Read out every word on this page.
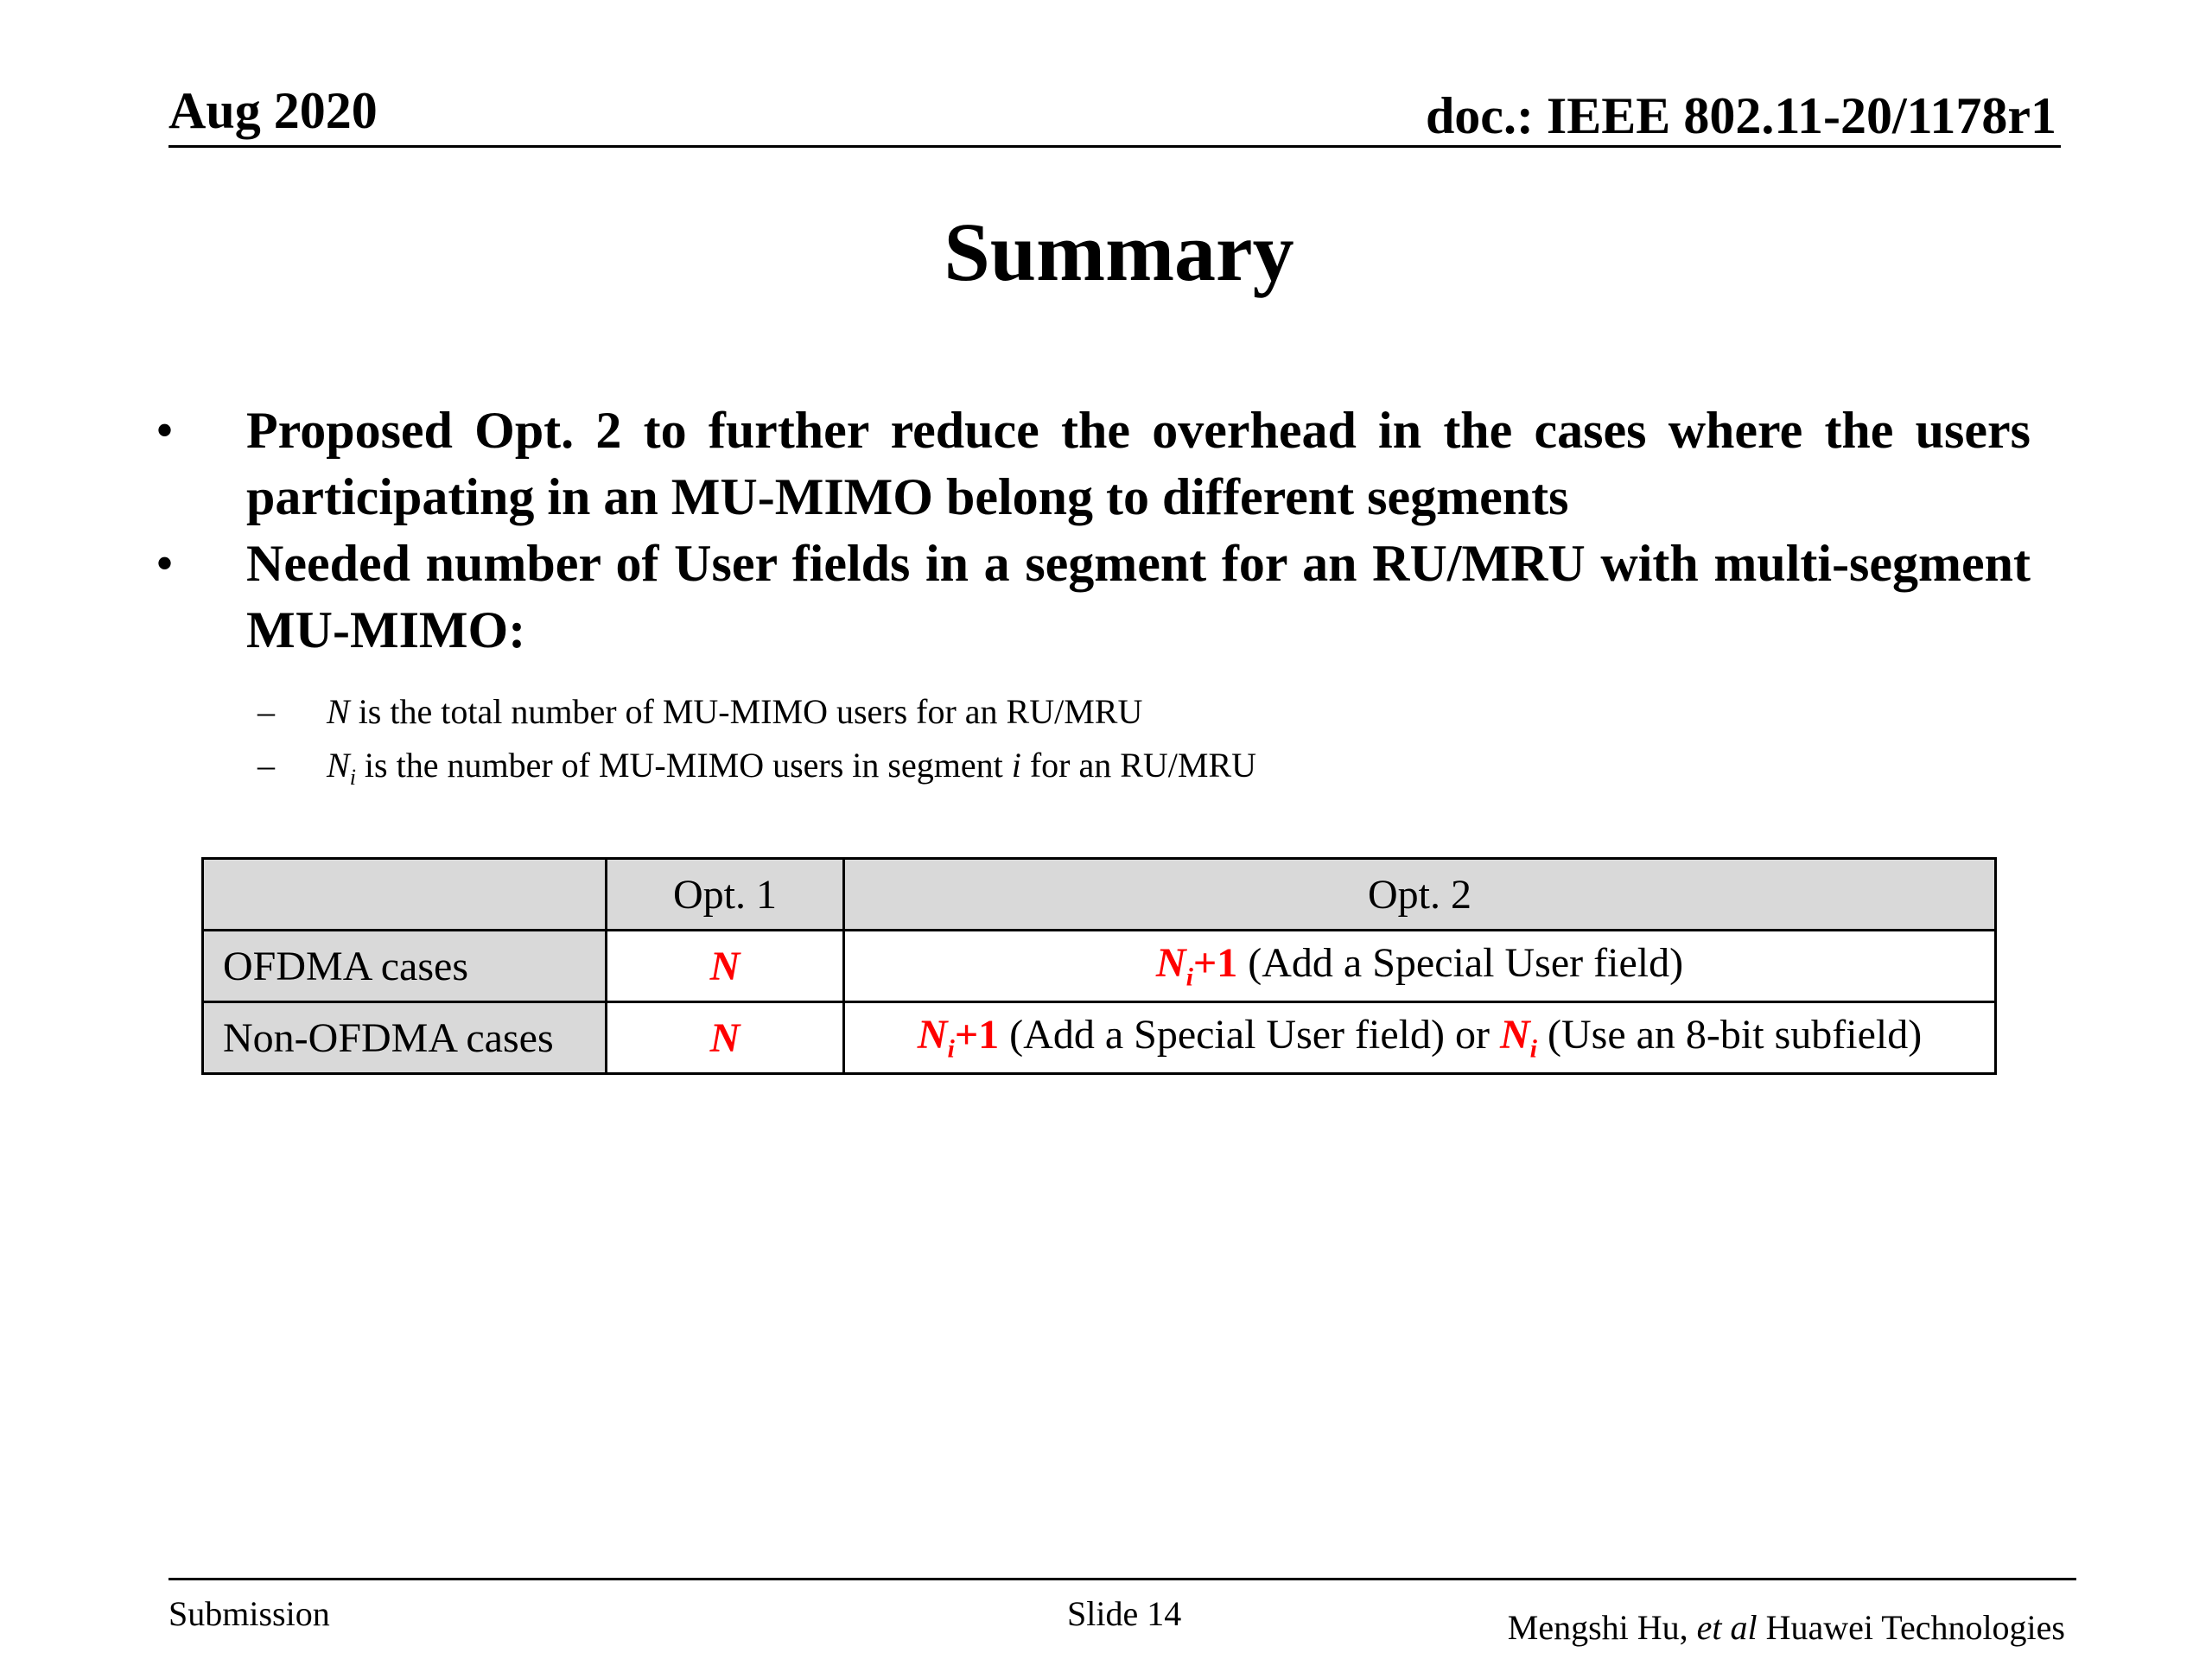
Aug 2020	doc.: IEEE 802.11-20/1178r1
Summary
•	Proposed Opt. 2 to further reduce the overhead in the cases where the users participating in an MU-MIMO belong to different segments
•	Needed number of User fields in a segment for an RU/MRU with multi-segment MU-MIMO:
– N is the total number of MU-MIMO users for an RU/MRU
– $N_i$ is the number of MU-MIMO users in segment i for an RU/MRU
	Opt. 1	Opt. 2
OFDMA cases	N	$N_i+1$ (Add a Special User field)
Non-OFDMA cases	N	$N_i+1$ (Add a Special User field) or $N_i$ (Use an 8-bit subfield)
Submission	Slide 14	Mengshi Hu, et al Huawei Technologies
